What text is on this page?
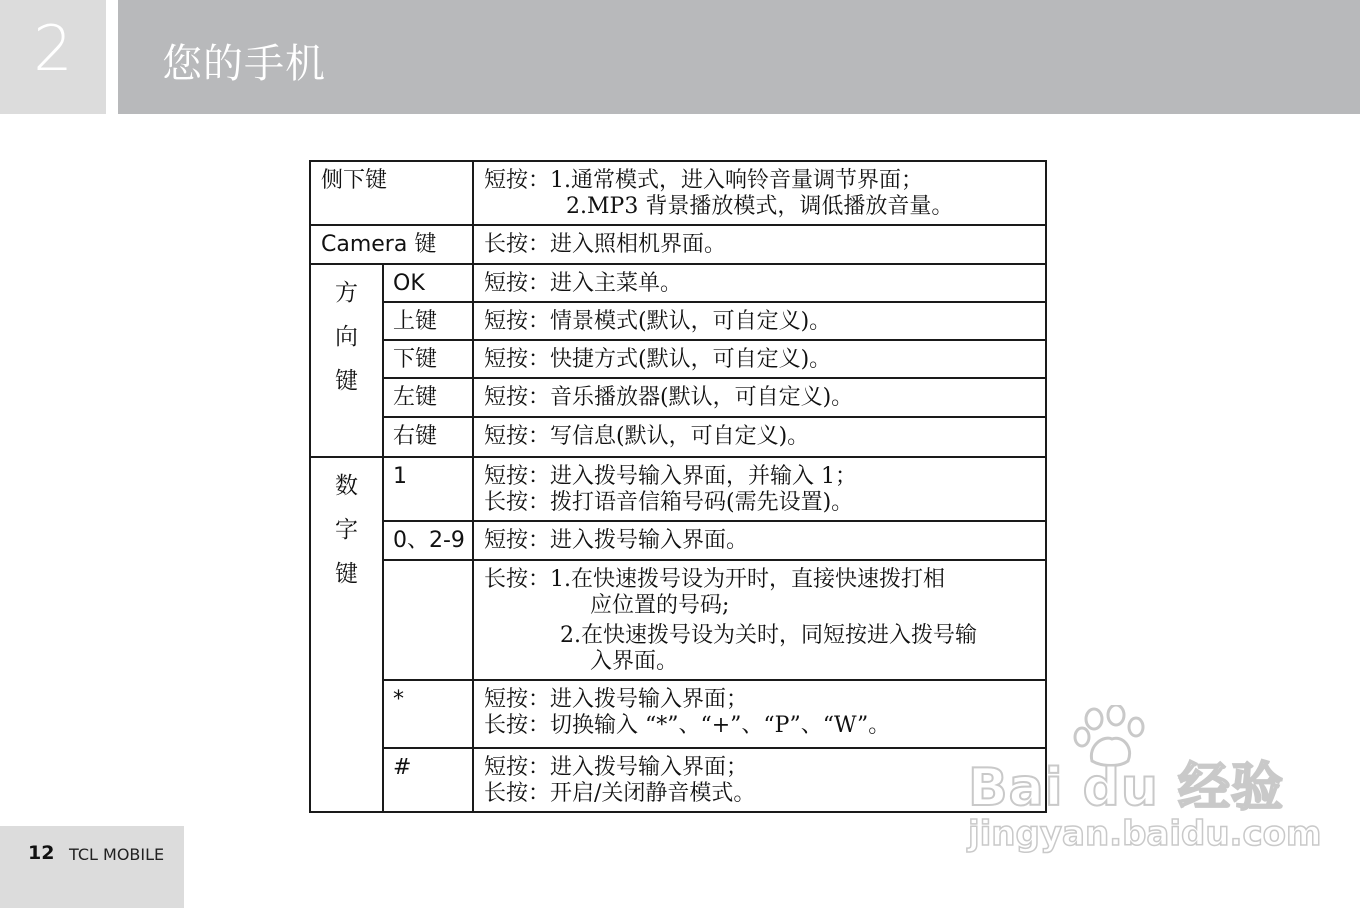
2	您的手机
侧下键		短按：1.通常模式，进入响铃音量调节界面；
2.MP3 背景播放模式，调低播放音量。

Camera 键		长按：进入照相机界面。

方
向
键	OK	短按：进入主菜单。

	上键	短按：情景模式(默认，可自定义)。

	下键	短按：快捷方式(默认，可自定义)。

	左键	短按：音乐播放器(默认，可自定义)。

	右键	短按：写信息(默认，可自定义)。

数
字
键	1	短按：进入拨号输入界面，并输入 1；
长按：拨打语音信箱号码(需先设置)。

	0、2-9	短按：进入拨号输入界面。

		长按：1.在快速拨号设为开时，直接快速拨打相
应位置的号码;
2.在快速拨号设为关时，同短按进入拨号输
入界面。

	*	短按：进入拨号输入界面；
长按：切换输入 “*”、“+”、“P”、“W”。

	#	短按：进入拨号输入界面；
长按：开启/关闭静音模式。	Bai du 经验
jingyan.baidu.com
12 TCL MOBILE
